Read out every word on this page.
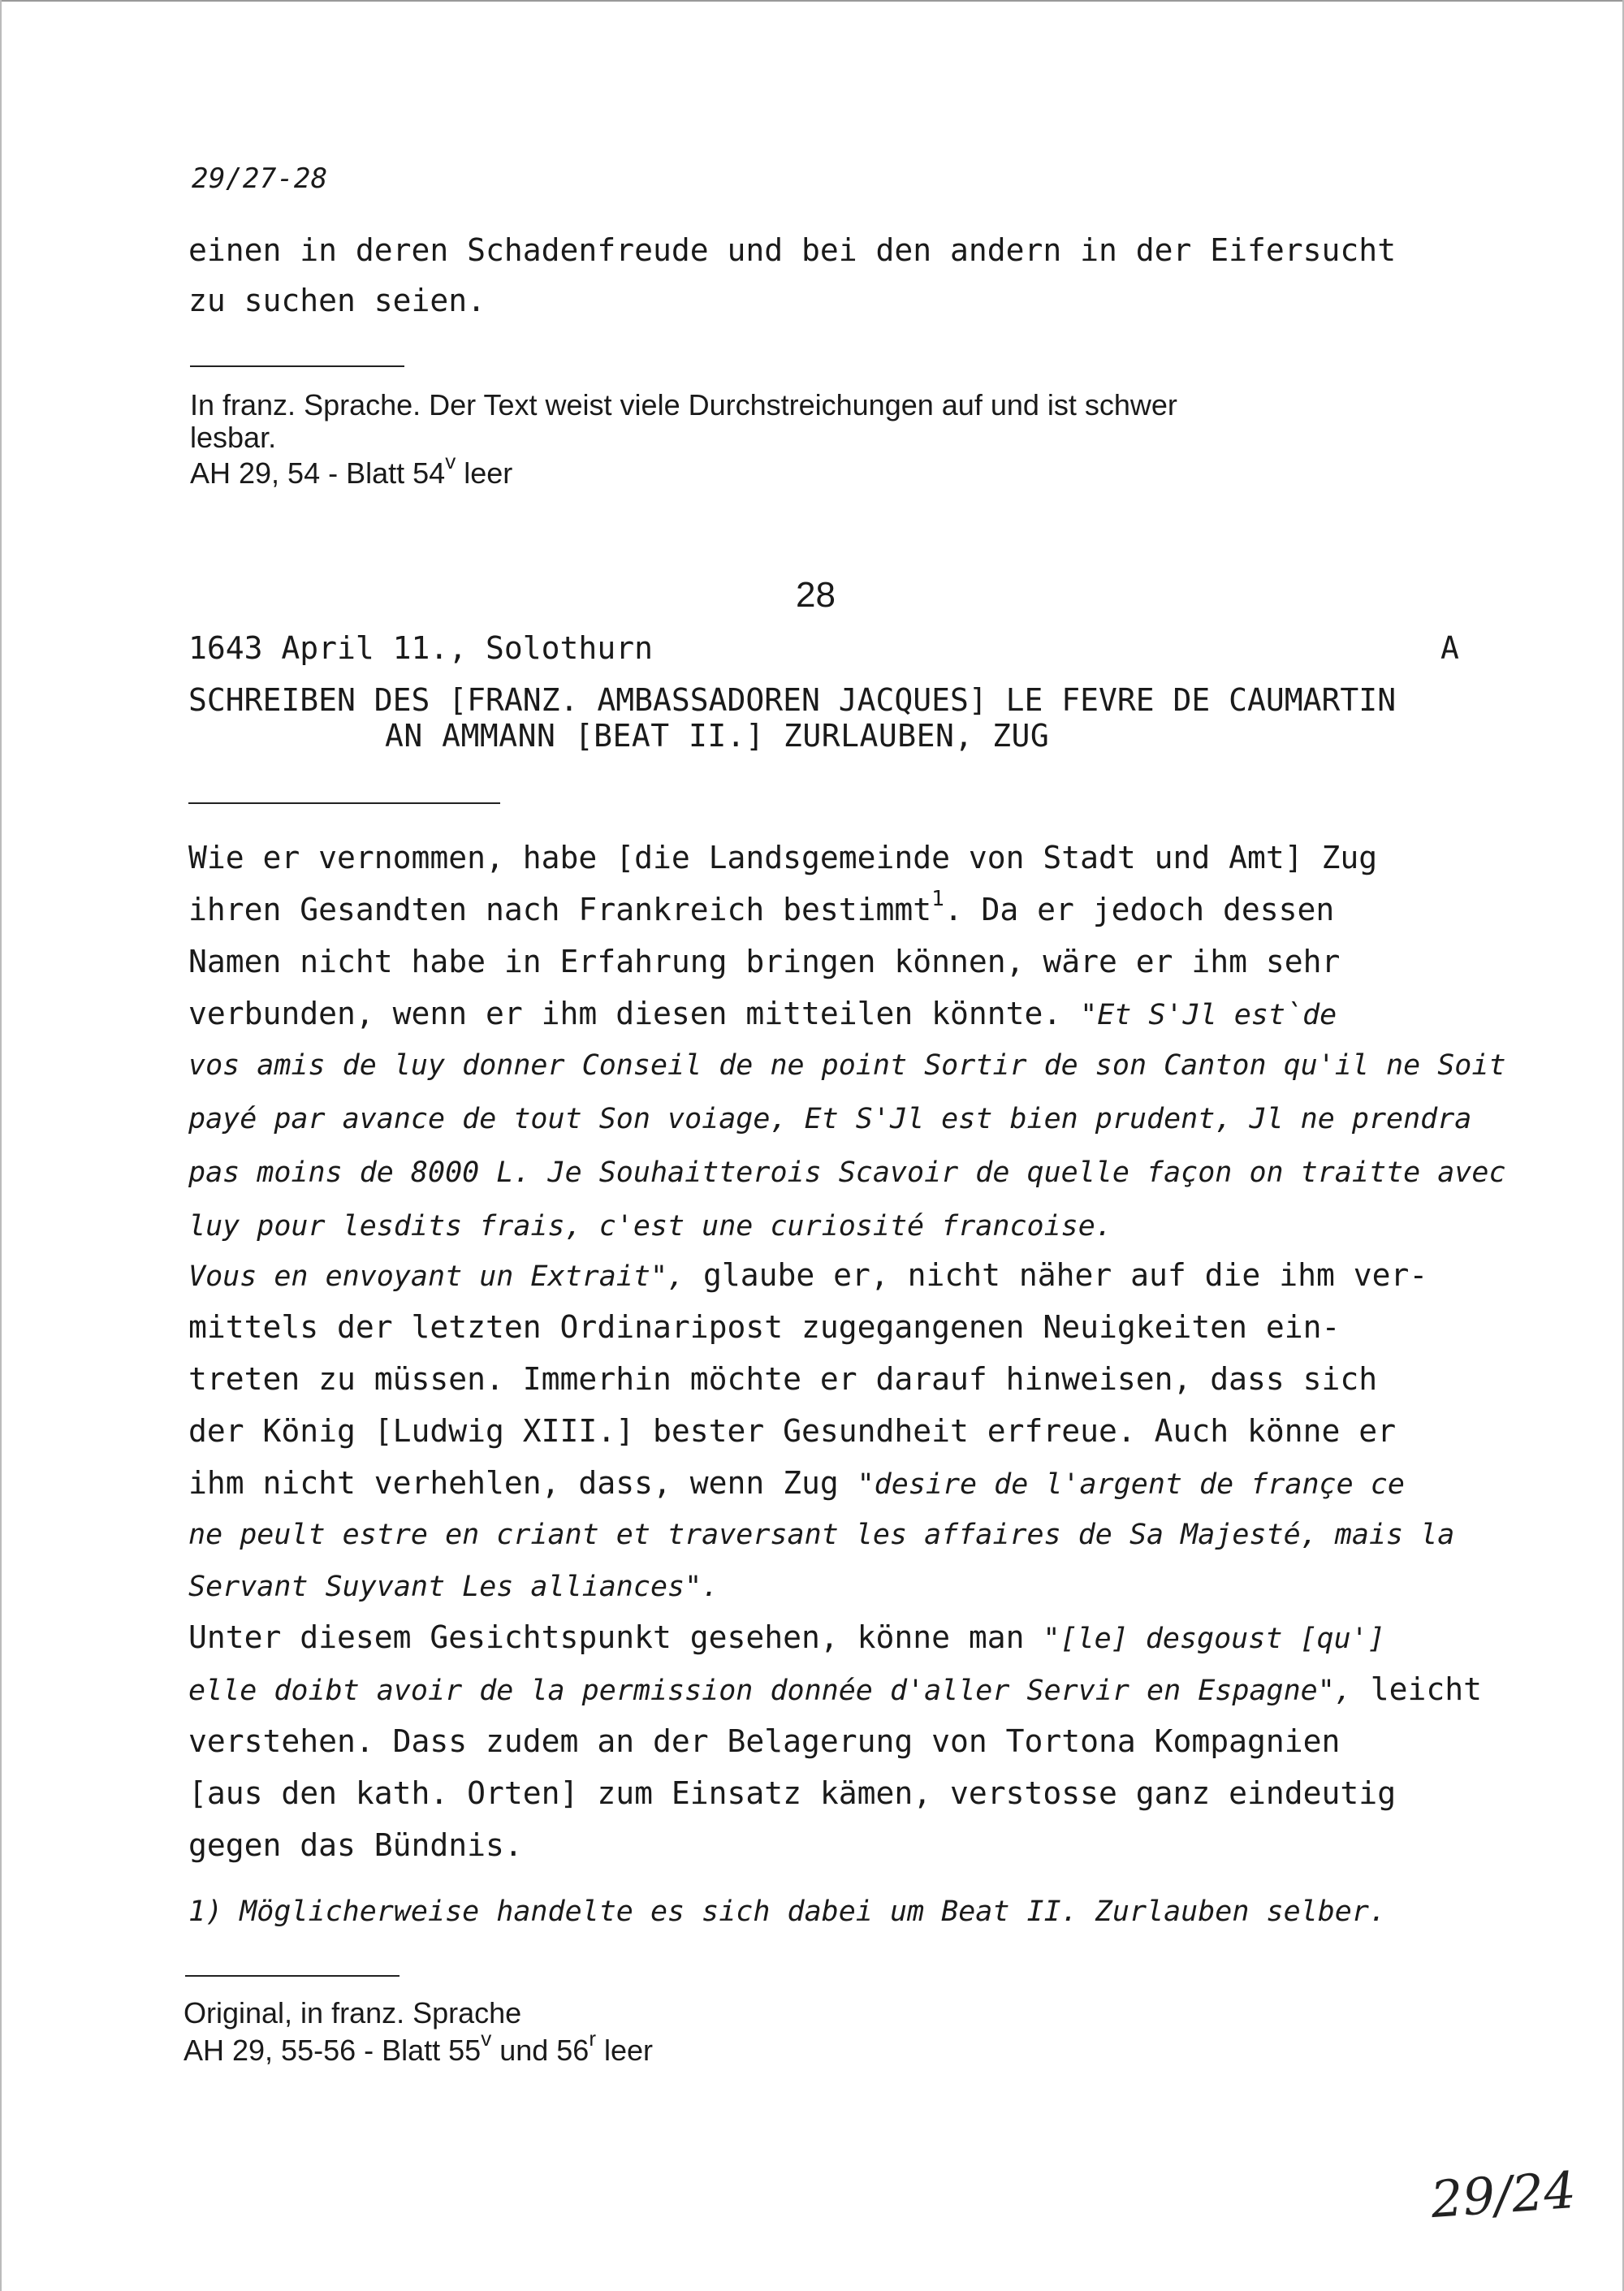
29/27-28
einen in deren Schadenfreude und bei den andern in der Eifersucht
zu suchen seien.
In franz. Sprache. Der Text weist viele Durchstreichungen auf und ist schwer
lesbar.
AH 29, 54 - Blatt 54$^v$ leer
28
1643 April 11., Solothurn	A
SCHREIBEN DES [FRANZ. AMBASSADOREN JACQUES] LE FEVRE DE CAUMARTIN
AN AMMANN [BEAT II.] ZURLAUBEN, ZUG
Wie er vernommen, habe [die Landsgemeinde von Stadt und Amt] Zug
ihren Gesandten nach Frankreich bestimmt$^1$. Da er jedoch dessen
Namen nicht habe in Erfahrung bringen können, wäre er ihm sehr
verbunden, wenn er ihm diesen mitteilen könnte. "Et S'Jl est`de
vos amis de luy donner Conseil de ne point Sortir de son Canton qu'il ne Soit
payé par avance de tout Son voiage, Et S'Jl est bien prudent, Jl ne prendra
pas moins de 8000 L. Je Souhaitterois Scavoir de quelle façon on traitte avec
luy pour lesdits frais, c'est une curiosité francoise.
Vous en envoyant un Extrait", glaube er, nicht näher auf die ihm ver-
mittels der letzten Ordinaripost zugegangenen Neuigkeiten ein-
treten zu müssen. Immerhin möchte er darauf hinweisen, dass sich
der König [Ludwig XIII.] bester Gesundheit erfreue. Auch könne er
ihm nicht verhehlen, dass, wenn Zug "desire de l'argent de françe ce
ne peult estre en criant et traversant les affaires de Sa Majesté, mais la
Servant Suyvant Les alliances".
Unter diesem Gesichtspunkt gesehen, könne man "[le] desgoust [qu']
elle doibt avoir de la permission donnée d'aller Servir en Espagne", leicht
verstehen. Dass zudem an der Belagerung von Tortona Kompagnien
[aus den kath. Orten] zum Einsatz kämen, verstosse ganz eindeutig
gegen das Bündnis.
1) Möglicherweise handelte es sich dabei um Beat II. Zurlauben selber.
Original, in franz. Sprache
AH 29, 55-56 - Blatt 55$^v$ und 56$^r$ leer
29/24
